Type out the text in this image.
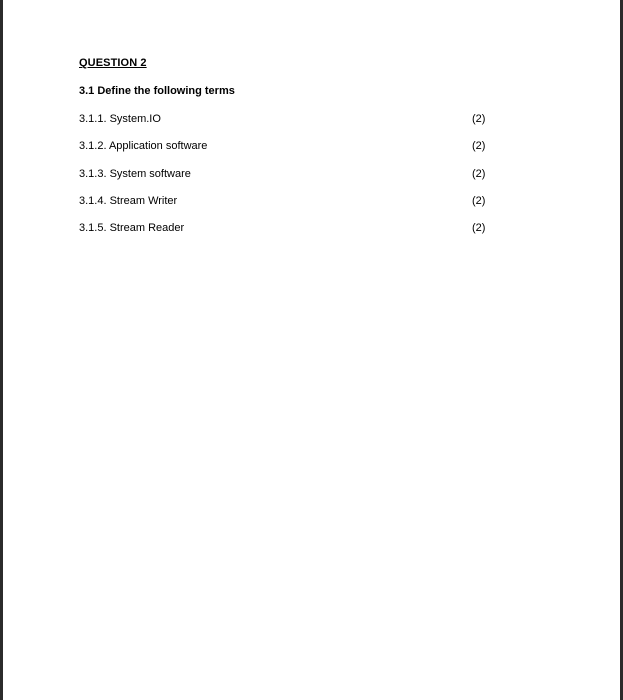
QUESTION 2
3.1 Define the following terms
3.1.1. System.IO	(2)
3.1.2. Application software	(2)
3.1.3. System software	(2)
3.1.4. Stream Writer	(2)
3.1.5. Stream Reader	(2)
